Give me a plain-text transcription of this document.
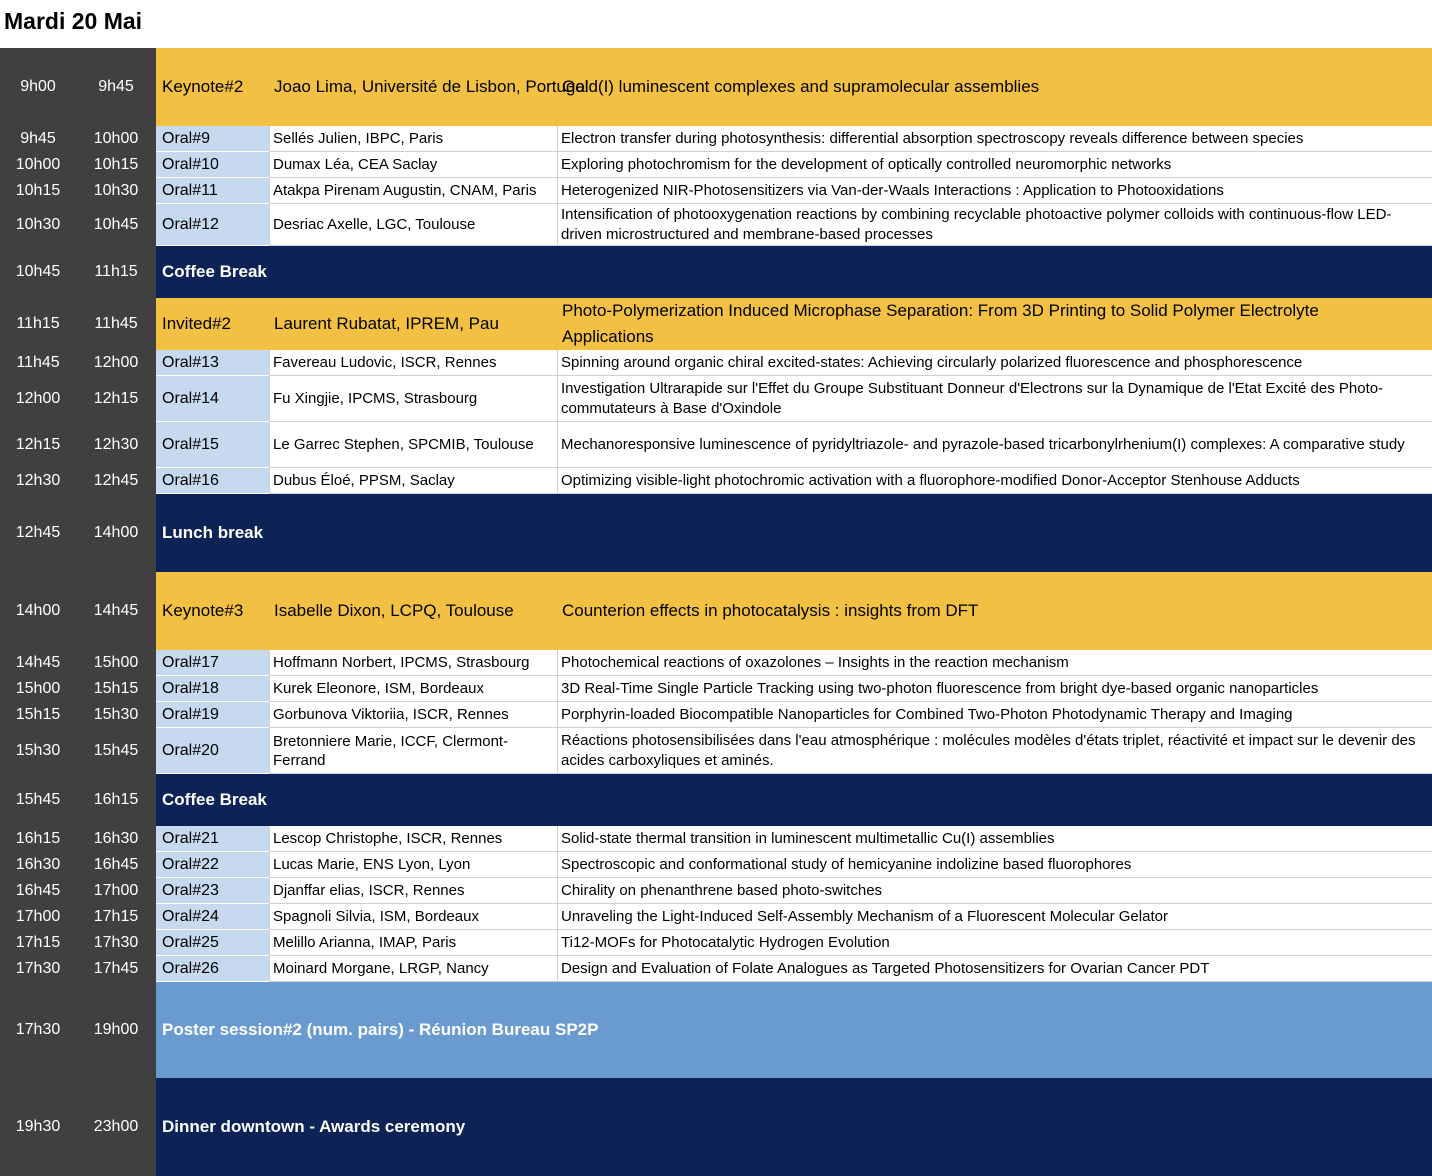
Mardi 20 Mai
9h00	9h45	Keynote#2	Joao Lima, Université de Lisbon, Portugal
Gold(I) luminescent complexes and supramolecular assemblies
9h45	10h00	Oral#9	Sellés Julien, IBPC, Paris	Electron transfer during photosynthesis: differential absorption spectroscopy reveals difference between species
10h00	10h15	Oral#10	Dumax Léa, CEA Saclay	Exploring photochromism for the development of optically controlled neuromorphic networks
10h15	10h30	Oral#11	Atakpa Pirenam Augustin, CNAM, Paris	Heterogenized NIR-Photosensitizers via Van-der-Waals Interactions : Application to Photooxidations
10h30	10h45	Oral#12	Desriac Axelle, LGC, Toulouse
Intensification of photooxygenation reactions by combining recyclable photoactive polymer colloids with continuous-flow LED-driven microstructured and membrane-based processes
10h45	11h15	Coffee Break
11h15	11h45	Invited#2	Laurent Rubatat, IPREM, Pau
Photo-Polymerization Induced Microphase Separation: From 3D Printing to Solid Polymer Electrolyte Applications
11h45	12h00	Oral#13	Favereau Ludovic, ISCR, Rennes	Spinning around organic chiral excited-states: Achieving circularly polarized fluorescence and phosphorescence
12h00	12h15	Oral#14	Fu Xingjie, IPCMS, Strasbourg
Investigation Ultrarapide sur l'Effet du Groupe Substituant Donneur d'Electrons sur la Dynamique de l'Etat Excité des Photo-commutateurs à Base d'Oxindole
12h15	12h30	Oral#15	Le Garrec Stephen, SPCMIB, Toulouse	Mechanoresponsive luminescence of pyridyltriazole- and pyrazole-based tricarbonylrhenium(I) complexes: A comparative study
12h30	12h45	Oral#16	Dubus Éloé, PPSM, Saclay	Optimizing visible-light photochromic activation with a fluorophore-modified Donor-Acceptor Stenhouse Adducts
12h45	14h00	Lunch break
14h00	14h45	Keynote#3	Isabelle Dixon, LCPQ, Toulouse	Counterion effects in photocatalysis : insights from DFT
14h45	15h00	Oral#17	Hoffmann Norbert, IPCMS, Strasbourg	Photochemical reactions of oxazolones – Insights in the reaction mechanism
15h00	15h15	Oral#18	Kurek Eleonore, ISM, Bordeaux	3D Real-Time Single Particle Tracking using two-photon fluorescence from bright dye-based organic nanoparticles
15h15	15h30	Oral#19	Gorbunova Viktoriia, ISCR, Rennes	Porphyrin-loaded Biocompatible Nanoparticles for Combined Two-Photon Photodynamic Therapy and Imaging
15h30	15h45	Oral#20
Bretonniere Marie, ICCF, Clermont-Ferrand
Réactions photosensibilisées dans l'eau atmosphérique : molécules modèles d'états triplet, réactivité et impact sur le devenir des acides carboxyliques et aminés.
15h45	16h15	Coffee Break
16h15	16h30	Oral#21	Lescop Christophe, ISCR, Rennes	Solid-state thermal transition in luminescent multimetallic Cu(I) assemblies
16h30	16h45	Oral#22	Lucas Marie, ENS Lyon, Lyon	Spectroscopic and conformational study of hemicyanine indolizine based fluorophores
16h45	17h00	Oral#23	Djanffar elias, ISCR, Rennes	Chirality on phenanthrene based photo-switches
17h00	17h15	Oral#24	Spagnoli Silvia, ISM, Bordeaux	Unraveling the Light-Induced Self-Assembly Mechanism of a Fluorescent Molecular Gelator
17h15	17h30	Oral#25	Melillo Arianna, IMAP, Paris	Ti12-MOFs for Photocatalytic Hydrogen Evolution
17h30	17h45	Oral#26	Moinard Morgane, LRGP, Nancy	Design and Evaluation of Folate Analogues as Targeted Photosensitizers for Ovarian Cancer PDT
17h30	19h00	Poster session#2 (num. pairs) - Réunion Bureau SP2P
19h30	23h00	Dinner downtown - Awards ceremony
